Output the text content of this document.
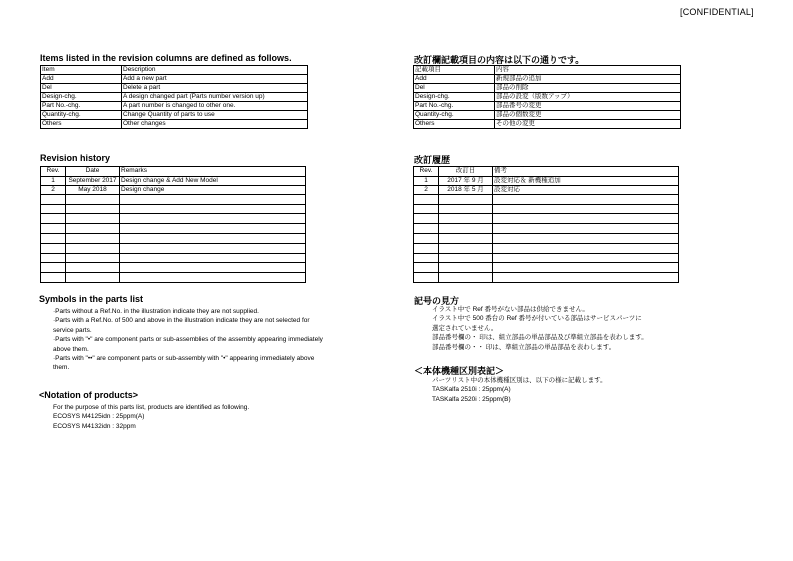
[CONFIDENTIAL]
Items listed in the revision columns are defined as follows.
Item	Description
Add	Add a new part
Del	Delete a part
Design-chg.	A design changed part (Parts number version up)
Part No.-chg.	A part number is changed to other one.
Quantity-chg.	Change Quantity of parts to use
Others	Other changes
Revision history
Rev.	Date	Remarks
1	September 2017	Design change & Add New Model
2	May 2018	Design change

Symbols in the parts list

·Parts without a Ref.No. in the illustration indicate they are not supplied.

·Parts with a Ref.No. of 500 and above in the illustration indicate they are not selected for

service parts.

·Parts with "•" are component parts or sub-assemblies of the assembly appearing immediately

above them.

·Parts with "••" are component parts or sub-assembly with "•" appearing immediately above

them.

<Notation of products>

For the purpose of this parts list, products are identified as following.

ECOSYS M4125idn : 25ppm(A)

ECOSYS M4132idn : 32ppm

改訂欄記載項目の内容は以下の通りです。
記載項目	内容
Add	新規部品の追加
Del	部品の削除
Design-chg.	部品の設変（版数アップ）
Part No.-chg.	部品番号の変更
Quantity-chg.	部品の個数変更
Others	その他の変更
改訂履歴
Rev.	改訂日	備考
1	2017 年 9 月	設変対応＆ 新機種追加
2	2018 年 5 月	設変対応

記号の見方

イラスト中で Ref 番号がない部品は供給できません。

イラスト中で 500 番台の Ref 番号が付いている部品はサービスパーツに

選定されていません。

部品番号欄の・ 印は、組立部品の単品部品及び準組立部品を表わします。

部品番号欄の・・ 印は、準組立部品の単品部品を表わします。

＜本体機種区別表記＞

パーツリスト中の本体機種区別は、以下の様に記載します。

TASKalfa 2510i : 25ppm(A)

TASKalfa 2520i : 25ppm(B)
